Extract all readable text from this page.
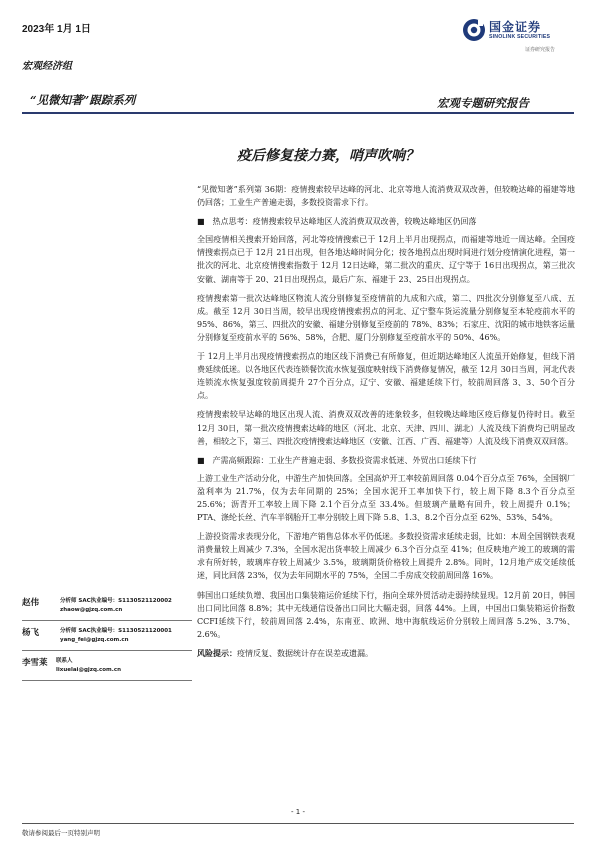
2023年 1月 1日
宏观经济组
“见微知著”跟踪系列	宏观专题研究报告
国金证券
SINOLINK SECURITIES
证券研究报告
疫后修复接力赛，哨声吹响？

“见微知著”系列第 36期：疫情搜索较早达峰的河北、北京等地人流消费双双改善，但较晚达峰的福建等地仍回落；工业生产普遍走弱，多数投资需求下行。

■　热点思考：疫情搜索较早达峰地区人流消费双双改善，较晚达峰地区仍回落

全国疫情相关搜索开始回落，河北等疫情搜索已于 12月上半月出现拐点，而福建等地近一周达峰。全国疫情搜索拐点已于 12月 21日出现，但各地达峰时间分化；按各地拐点出现时间进行划分疫情演化进程，第一批次的河北、北京疫情搜索指数于 12月 12日达峰，第二批次的重庆、辽宁等于 16日出现拐点，第三批次安徽、湖南等于 20、21日出现拐点，最后广东、福建于 23、25日出现拐点。

疫情搜索第一批次达峰地区物流人流分别修复至疫情前的九成和六成，第二、四批次分别修复至八成、五成。截至 12月 30日当周，较早出现疫情搜索拐点的河北、辽宁整车货运流量分别修复至本轮疫前水平的 95%、86%，第三、四批次的安徽、福建分别修复至疫前的 78%、83%；石家庄、沈阳的城市地铁客运量分别修复至疫前水平的 56%、58%，合肥、厦门分别修复至疫前水平的 50%、46%。

于 12月上半月出现疫情搜索拐点的地区线下消费已有所修复，但近期达峰地区人流虽开始修复，但线下消费延续低迷。以各地区代表连锁餐饮流水恢复强度映射线下消费修复情况，截至 12月 30日当周，河北代表连锁流水恢复强度较前周提升 27个百分点，辽宁、安徽、福建延续下行，较前周回落 3、3、50个百分点。

疫情搜索较早达峰的地区出现人流、消费双双改善的迹象较多，但较晚达峰地区疫后修复仍待时日。截至 12月 30日，第一批次疫情搜索达峰的地区（河北、北京、天津、四川、湖北）人流及线下消费均已明显改善，相较之下，第三、四批次疫情搜索达峰地区（安徽、江西、广西、福建等）人流及线下消费双双回落。

■　产需高频跟踪：工业生产普遍走弱、多数投资需求低迷、外贸出口延续下行

上游工业生产活动分化，中游生产加快回落。全国高炉开工率较前周回落 0.04个百分点至 76%，全国钢厂盈利率为 21.7%，仅为去年同期的 25%；全国水泥开工率加快下行，较上周下降 8.3个百分点至 25.6%；沥青开工率较上周下降 2.1个百分点至 33.4%。但玻璃产量略有回升，较上周提升 0.1%；PTA、涤纶长丝、汽车半钢胎开工率分别较上周下降 5.8、1.3、8.2个百分点至 62%、53%、54%。

上游投资需求表现分化，下游地产销售总体水平仍低迷。多数投资需求延续走弱，比如：本周全国钢铁表观消费量较上周减少 7.3%，全国水泥出货率较上周减少 6.3个百分点至 41%；但反映地产竣工的玻璃的需求有所好转，玻璃库存较上周减少 3.5%，玻璃期货价格较上周提升 2.8%。同时，12月地产成交延续低迷，同比回落 23%，仅为去年同期水平的 75%，全国二手房成交较前周回落 16%。

韩国出口延续负增、我国出口集装箱运价延续下行，指向全球外贸活动走弱持续显现。12月前 20日，韩国出口同比回落 8.8%；其中无线通信设备出口同比大幅走弱，回落 44%。上周，中国出口集装箱运价指数 CCFI延续下行，较前周回落 2.4%，东南亚、欧洲、地中海航线运价分别较上周回落 5.2%、3.7%、2.6%。

风险提示：疫情反复、数据统计存在误差或遗漏。

赵伟	分析师 SAC执业编号：S1130521120002
zhaow@gjzq.com.cn
杨飞	分析师 SAC执业编号：S1130521120001
yang_fei@gjzq.com.cn
李雪莱 联系人
lixuelai@gjzq.com.cn
- 1 -
敬请参阅最后一页特别声明
